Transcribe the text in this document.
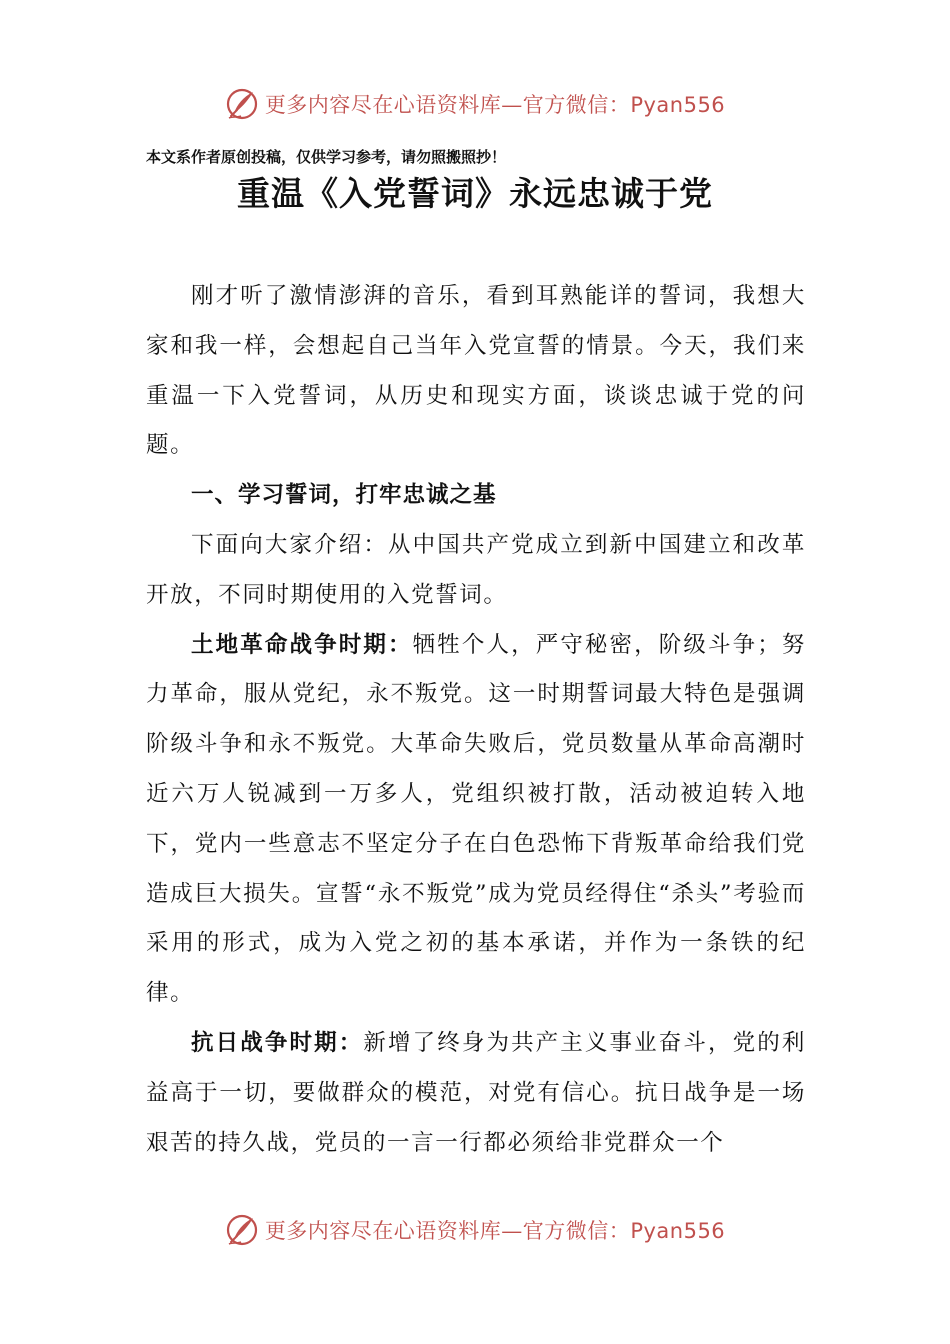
更多内容尽在心语资料库—官方微信：Pyan556
本文系作者原创投稿，仅供学习参考，请勿照搬照抄！
重温《入党誓词》永远忠诚于党

刚才听了激情澎湃的音乐，看到耳熟能详的誓词，我想大家和我一样，会想起自己当年入党宣誓的情景。今天，我们来重温一下入党誓词，从历史和现实方面，谈谈忠诚于党的问题。

一、学习誓词，打牢忠诚之基

下面向大家介绍：从中国共产党成立到新中国建立和改革开放，不同时期使用的入党誓词。

土地革命战争时期：牺牲个人，严守秘密，阶级斗争；努力革命，服从党纪，永不叛党。这一时期誓词最大特色是强调阶级斗争和永不叛党。大革命失败后，党员数量从革命高潮时近六万人锐减到一万多人，党组织被打散，活动被迫转入地下，党内一些意志不坚定分子在白色恐怖下背叛革命给我们党造成巨大损失。宣誓“永不叛党”成为党员经得住“杀头”考验而采用的形式，成为入党之初的基本承诺，并作为一条铁的纪律。

抗日战争时期：新增了终身为共产主义事业奋斗，党的利益高于一切，要做群众的模范，对党有信心。抗日战争是一场艰苦的持久战，党员的一言一行都必须给非党群众一个

更多内容尽在心语资料库—官方微信：Pyan556
